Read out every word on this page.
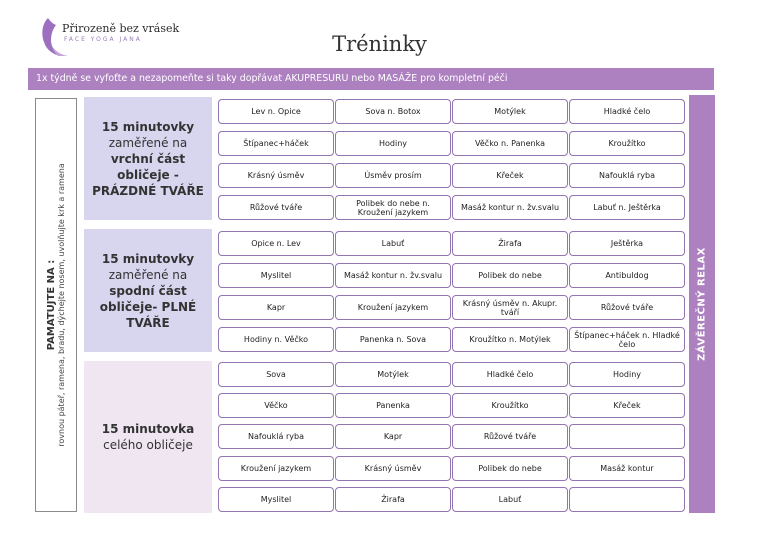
Přirozeně bez vrásek
FACE YOGA JANA	Tréninky
1x týdně se vyfoťte a nezapomeňte si taky dopřávat AKUPRESURU nebo MASÁŽE pro kompletní péči
PAMATUJTE NA : rovnou páteř, ramena, bradu, dýchejte nosem, uvolňujte krk a ramena	ZÁVĚREČNÝ RELAX
15 minutovky
zaměřené na
vrchní část
obličeje -
PRÁZDNÉ TVÁŘE
15 minutovky
zaměřené na
spodní část
obličeje- PLNÉ
TVÁŘE
15 minutovka
celého obličeje
Lev n. Opice	Sova n. Botox	Motýlek	Hladké čelo
Štípanec+háček	Hodiny	Věčko n. Panenka	Kroužítko
Krásný úsměv	Úsměv prosím	Křeček	Nafouklá ryba
Růžové tváře	Polibek do nebe n. Kroužení jazykem	Masáž kontur n. žv.svalu	Labuť n. Ještěrka
Opice n. Lev	Labuť	Žirafa	Ještěrka
Myslitel	Masáž kontur n. žv.svalu	Polibek do nebe	Antibuldog
Kapr	Kroužení jazykem	Krásný úsměv n. Akupr. tváří	Růžové tváře
Hodiny n. Věčko	Panenka n. Sova	Kroužítko n. Motýlek	Štípanec+háček n. Hladké čelo
Sova	Motýlek	Hladké čelo	Hodiny
Věčko	Panenka	Kroužítko	Křeček
Nafouklá ryba	Kapr	Růžové tváře
Kroužení jazykem	Krásný úsměv	Polibek do nebe	Masáž kontur
Myslitel	Žirafa	Labuť
